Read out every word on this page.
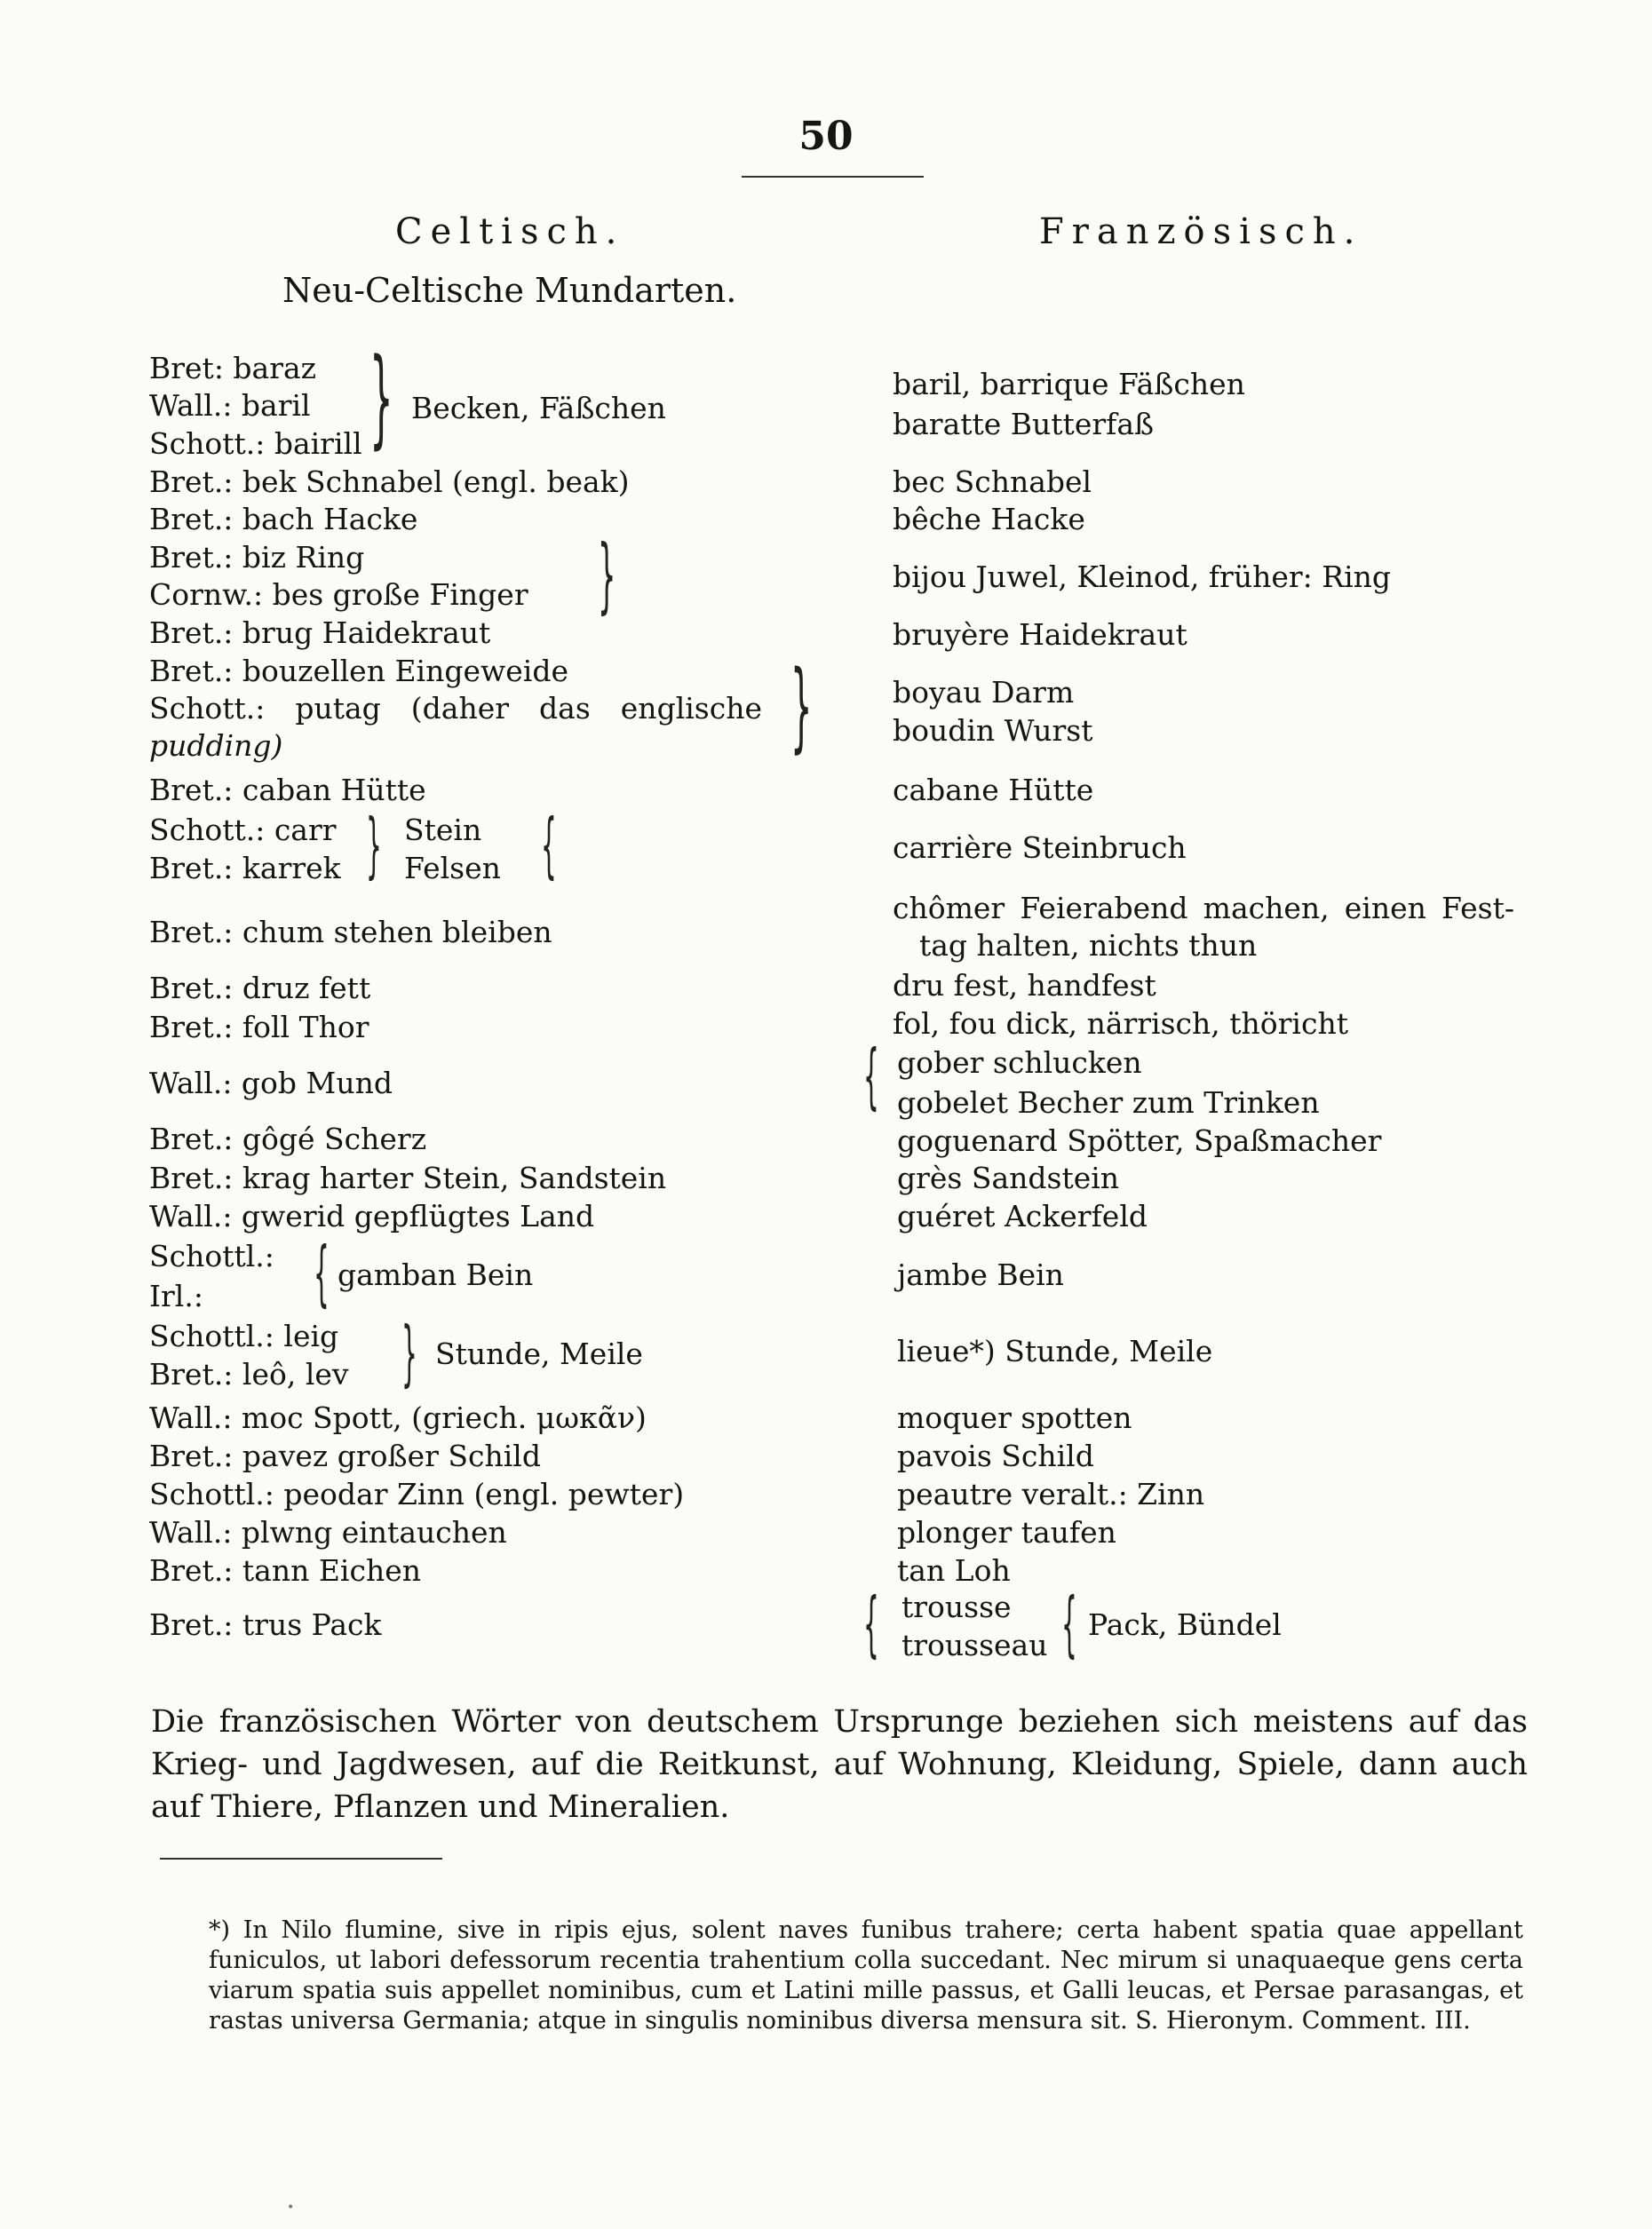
50
Celtisch.	Französisch.
Neu-Celtische Mundarten.
Bret: baraz
Wall.: baril
Schott.: bairill } Becken, Fäßchen
Bret.: bek Schnabel (engl. beak)
Bret.: bach Hacke
Bret.: biz Ring
Cornw.: bes große Finger }
Bret.: brug Haidekraut
Bret.: bouzellen Eingeweide
Schott.: putag (daher das englische
pudding)	}
Bret.: caban Hütte
Schott.: carr
Bret.: karrek } Stein
Felsen {
Bret.: chum stehen bleiben
Bret.: druz fett
Bret.: foll Thor
Wall.: gob Mund
Bret.: gôgé Scherz
Bret.: krag harter Stein, Sandstein
Wall.: gwerid gepflügtes Land
Schottl.:
Irl.: { gamban Bein
Schottl.: leig
Bret.: leô, lev } Stunde, Meile
Wall.: moc Spott, (griech. μωκᾶν)
Bret.: pavez großer Schild
Schottl.: peodar Zinn (engl. pewter)
Wall.: plwng eintauchen
Bret.: tann Eichen
Bret.: trus Pack
baril, barrique Fäßchen
baratte Butterfaß
bec Schnabel
bêche Hacke
bijou Juwel, Kleinod, früher: Ring
bruyère Haidekraut
boyau Darm
boudin Wurst
cabane Hütte
carrière Steinbruch
chômer Feierabend machen, einen Fest-
tag halten, nichts thun
dru fest, handfest
fol, fou dick, närrisch, thöricht
{ gober schlucken
gobelet Becher zum Trinken
goguenard Spötter, Spaßmacher
grès Sandstein
guéret Ackerfeld
jambe Bein
lieue*) Stunde, Meile
moquer spotten
pavois Schild
peautre veralt.: Zinn
plonger taufen
tan Loh
{ trousse
trousseau { Pack, Bündel
Die französischen Wörter von deutschem Ursprunge beziehen sich meistens auf das Krieg- und Jagdwesen, auf die Reitkunst, auf Wohnung, Kleidung, Spiele, dann auch auf Thiere, Pflanzen und Mineralien.
*) In Nilo flumine, sive in ripis ejus, solent naves funibus trahere; certa habent spatia quae appellant funiculos, ut labori defessorum recentia trahentium colla succedant. Nec mirum si unaquaeque gens certa viarum spatia suis appellet nominibus, cum et Latini mille passus, et Galli leucas, et Persae parasangas, et rastas universa Germania; atque in singulis nominibus diversa mensura sit. S. Hieronym. Comment. III.
•
